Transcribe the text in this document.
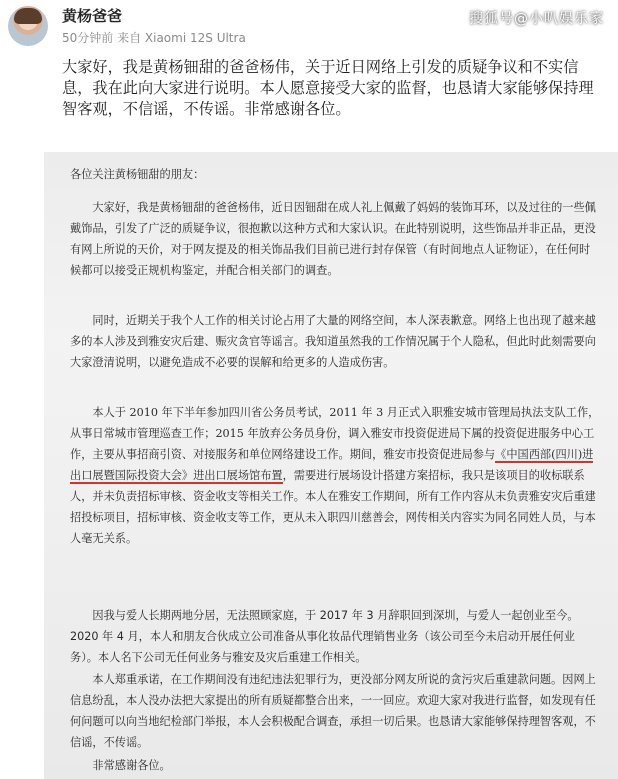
黄杨爸爸
50分钟前 来自 Xiaomi 12S Ultra
搜狐号@小叭娱乐家

大家好，我是黄杨钿甜的爸爸杨伟，关于近日网络上引发的质疑争议和不实信息，我在此向大家进行说明。本人愿意接受大家的监督，也恳请大家能够保持理智客观，不信谣，不传谣。非常感谢各位。

各位关注黄杨钿甜的朋友：

大家好，我是黄杨钿甜的爸爸杨伟，近日因钿甜在成人礼上佩戴了妈妈的装饰耳环，以及过往的一些佩戴饰品，引发了广泛的质疑争议，很抱歉以这种方式和大家认识。在此特别说明，这些饰品并非正品，更没有网上所说的天价，对于网友提及的相关饰品我们目前已进行封存保管（有时间地点人证物证），在任何时候都可以接受正规机构鉴定，并配合相关部门的调查。

同时，近期关于我个人工作的相关讨论占用了大量的网络空间，本人深表歉意。网络上也出现了越来越多的本人涉及到雅安灾后建、赈灾贪官等谣言。我知道虽然我的工作情况属于个人隐私，但此时此刻需要向大家澄清说明，以避免造成不必要的误解和给更多的人造成伤害。

本人于 2010 年下半年参加四川省公务员考试，2011 年 3 月正式入职雅安城市管理局执法支队工作，从事日常城市管理巡查工作；2015 年放弃公务员身份，调入雅安市投资促进局下属的投资促进服务中心工作，主要从事招商引资、对接服务和单位网络建设工作。期间，雅安市投资促进局参与《中国西部(四川)进出口展暨国际投资大会》进出口展场馆布置，需要进行展场设计搭建方案招标，我只是该项目的收标联系人，并未负责招标审核、资金收支等相关工作。本人在雅安工作期间，所有工作内容从未负责雅安灾后重建招投标项目，招标审核、资金收支等工作，更从未入职四川慈善会，网传相关内容实为同名同姓人员，与本人毫无关系。

因我与爱人长期两地分居，无法照顾家庭，于 2017 年 3 月辞职回到深圳，与爱人一起创业至今。2020 年 4 月，本人和朋友合伙成立公司准备从事化妆品代理销售业务（该公司至今未启动开展任何业务）。本人名下公司无任何业务与雅安及灾后重建工作相关。

本人郑重承诺，在工作期间没有违纪违法犯罪行为，更没部分网友所说的贪污灾后重建款问题。因网上信息纷乱，本人没办法把大家提出的所有质疑都整合出来，一一回应。欢迎大家对我进行监督，如发现有任何问题可以向当地纪检部门举报，本人会积极配合调查，承担一切后果。也恳请大家能够保持理智客观，不信谣，不传谣。

非常感谢各位。
